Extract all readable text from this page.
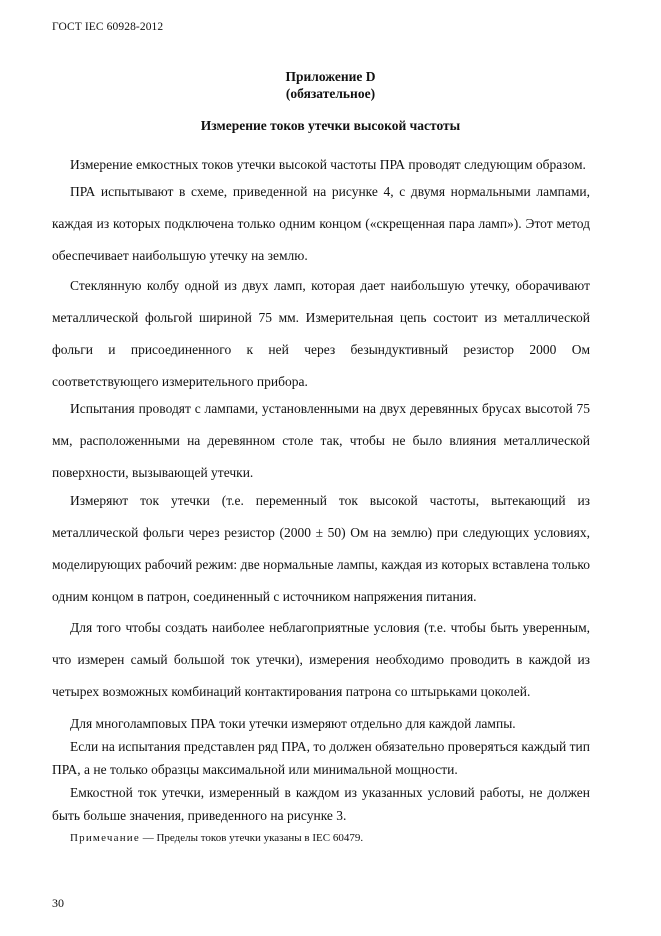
ГОСТ IEC 60928-2012
Приложение D
(обязательное)
Измерение токов утечки высокой частоты

Измерение емкостных токов утечки высокой частоты ПРА проводят следующим образом.

ПРА испытывают в схеме, приведенной на рисунке 4, с двумя нормальными лампами, каждая из которых подключена только одним концом («скрещенная пара ламп»). Этот метод обеспечивает наибольшую утечку на землю.

Стеклянную колбу одной из двух ламп, которая дает наибольшую утечку, оборачивают металлической фольгой шириной 75 мм. Измерительная цепь состоит из металлической фольги и присоединенного к ней через безындуктивный резистор 2000 Ом соответствующего измерительного прибора.

Испытания проводят с лампами, установленными на двух деревянных брусах высотой 75 мм, расположенными на деревянном столе так, чтобы не было влияния металлической поверхности, вызывающей утечки.

Измеряют ток утечки (т.е. переменный ток высокой частоты, вытекающий из металлической фольги через резистор (2000 ± 50) Ом на землю) при следующих условиях, моделирующих рабочий режим: две нормальные лампы, каждая из которых вставлена только одним концом в патрон, соединенный с источником напряжения питания.

Для того чтобы создать наиболее неблагоприятные условия (т.е. чтобы быть уверенным, что измерен самый большой ток утечки), измерения необходимо проводить в каждой из четырех возможных комбинаций контактирования патрона со штырьками цоколей.

Для многоламповых ПРА токи утечки измеряют отдельно для каждой лампы.

Если на испытания представлен ряд ПРА, то должен обязательно проверяться каждый тип ПРА, а не только образцы максимальной или минимальной мощности.

Емкостной ток утечки, измеренный в каждом из указанных условий работы, не должен быть больше значения, приведенного на рисунке 3.

Примечание — Пределы токов утечки указаны в IEC 60479.
30
